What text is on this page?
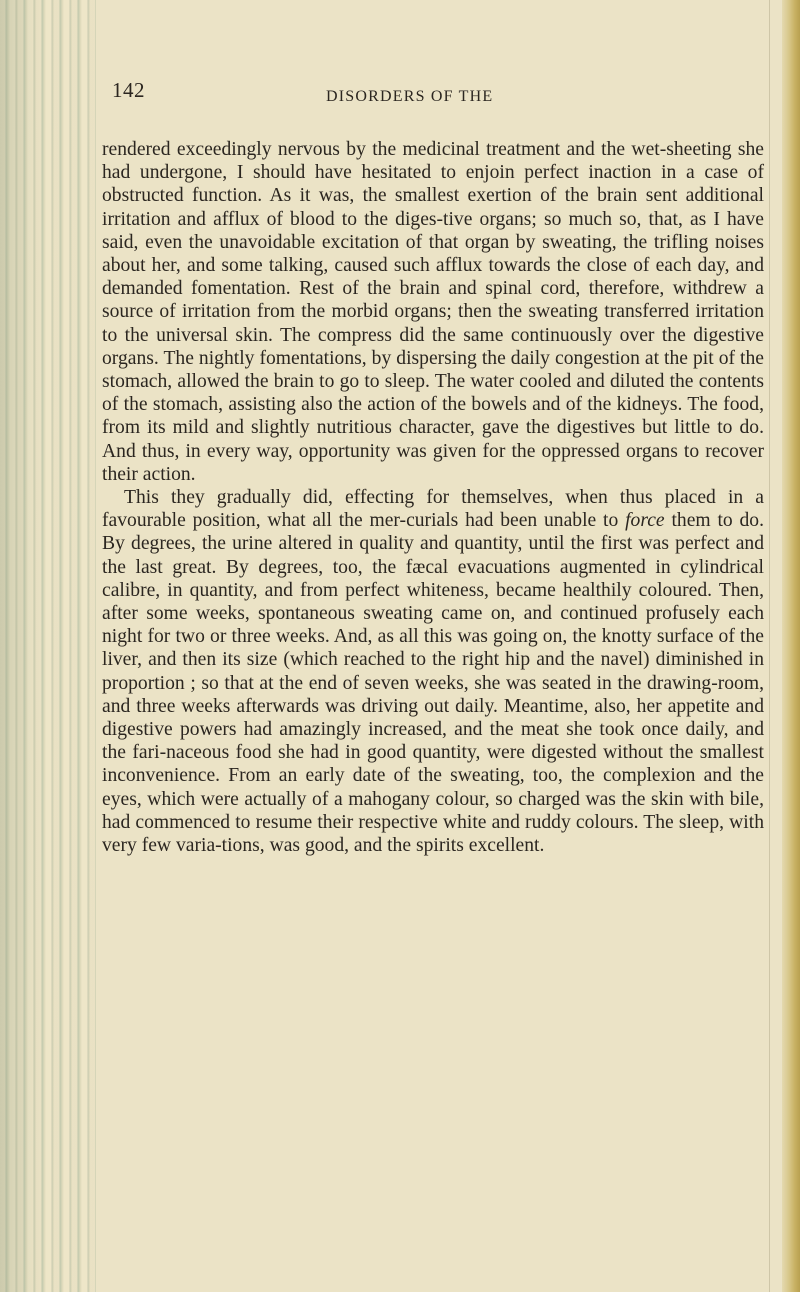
142	DISORDERS OF THE

rendered exceedingly nervous by the medicinal treatment and the wet-sheeting she had undergone, I should have hesitated to enjoin perfect inaction in a case of obstructed function. As it was, the smallest exertion of the brain sent additional irritation and afflux of blood to the diges-tive organs; so much so, that, as I have said, even the unavoidable excitation of that organ by sweating, the trifling noises about her, and some talking, caused such afflux towards the close of each day, and demanded fomentation. Rest of the brain and spinal cord, therefore, withdrew a source of irritation from the morbid organs; then the sweating transferred irritation to the universal skin. The compress did the same continuously over the digestive organs. The nightly fomentations, by dispersing the daily congestion at the pit of the stomach, allowed the brain to go to sleep. The water cooled and diluted the contents of the stomach, assisting also the action of the bowels and of the kidneys. The food, from its mild and slightly nutritious character, gave the digestives but little to do. And thus, in every way, opportunity was given for the oppressed organs to recover their action.

This they gradually did, effecting for themselves, when thus placed in a favourable position, what all the mer-curials had been unable to force them to do. By degrees, the urine altered in quality and quantity, until the first was perfect and the last great. By degrees, too, the fæcal evacuations augmented in cylindrical calibre, in quantity, and from perfect whiteness, became healthily coloured. Then, after some weeks, spontaneous sweating came on, and continued profusely each night for two or three weeks. And, as all this was going on, the knotty surface of the liver, and then its size (which reached to the right hip and the navel) diminished in proportion ; so that at the end of seven weeks, she was seated in the drawing-room, and three weeks afterwards was driving out daily. Meantime, also, her appetite and digestive powers had amazingly increased, and the meat she took once daily, and the fari-naceous food she had in good quantity, were digested without the smallest inconvenience. From an early date of the sweating, too, the complexion and the eyes, which were actually of a mahogany colour, so charged was the skin with bile, had commenced to resume their respective white and ruddy colours. The sleep, with very few varia-tions, was good, and the spirits excellent.
